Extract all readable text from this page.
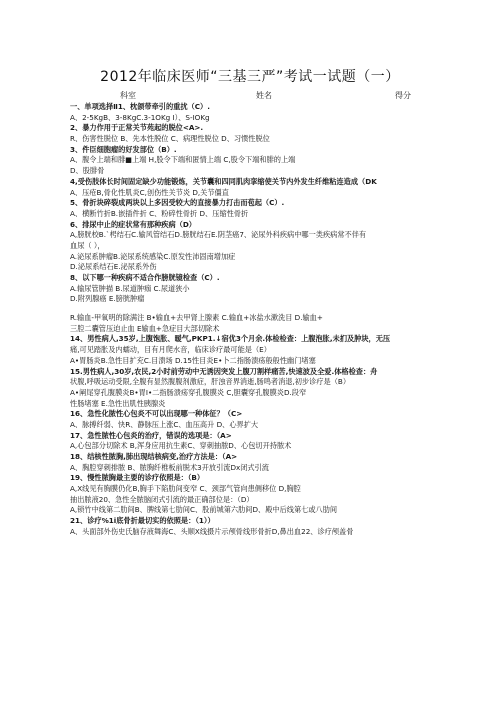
2012年临床医师“三基三严”考试一试题（一）
科室	姓名	得分
一、单项选择Ⅱ1、枕颌带牵引的重扰（C）.
A、2-5KgB、3-8KgC.3-1OKg I）、S-IOKg
2、暴力作用于正常关节苑起的脱位<A>.
R、伤害性脱位 B、先本性脱位 C、病理性脱位 D、习惯性脱位
3、件臣细胞瘤的好发部位（B）.
A、腹令上端和腓■上端 H,股令下端和匿情上端 C,股令下端和腓的上端
D、股腓骨
4,受伤肢体长时间固定缺少功能锻炼，关节囊和四同肌肉挛缩使关节内外发生纤维粘连造成（DK
A、压疮B,骨化性肌炎C,创伤性关节炎 D,关节僵直
5、骨折块碎裂成两块以上多因受较大的直接暴力打击而苞起（C）.
A、横断竹折B.嵌插件折 C、粉碎性骨折 D、压缩性骨折
6、排尿中止的症状常有那种疾病（D）
A,膀胱校B.`枵结石C.输风管结石D.膀胱结石E.阴茎癌7、泌尿外科疾病中哪一类疾病常不伴有
血尿（ ），
A.泌尿系肿瘤B.泌尿系统感染C.原发性沛固南增加症
D.泌尿系结石E.泌尿系外伤
8、以下哪一种疾病不适合作膀胱镜检查（C）.
A.输尿管肿描 B.尿道肿痂 C.尿道狭小
D.附列腺癌 E.膀胱肿瘤
R.输血-甲氧明的除满注 B•输血+去甲肾上腺素 C.输血+冰盐水漱洗目 D.输血+
三腔二囊管压迫止血 E输血+急症目大部切除术
14、男性病人,35岁,上腹饱胀、暧气,PKP1.↓宿优3个月余.体检检查：上腹泡胀,未扪及肿块，无压
痛,可见踏胀及内蠕动，目有月爬水音，临床诊疗最可能是（E）
A•胃肠炎B.急性目扩充C.目溃场 D.15性目炎E•卜二指肠溃疡般般性幽门堵塞
15.男性病人,30岁,农民,2小时前劳动中无诱因突发上腹刀割样痛苦,快速波及全爱.体格检查：舟
状腹,呼吸运动受限,全腹有显然腹腹剂激症，肝浊音界消逝,肠鸣者消退,初步诊疗是（B）
A•阐尾穿孔腹膜炎B•胃I•二指肠溃疡穿孔腹膜炎 C,胆囊穿孔腹膜炎D.段窄
性肠堵塞 E.急性出肌性胰腺炎
16、急性化脓性心包炎不可以出现哪一种体征？（C>
A、脉搏纤弱、快R、静脉压上涨C、血压高升 D、心界扩大
17、急性脓性心包炎的治疗，错误的选项是：（A>
A,心包部分切除术 B,浑身应用抗生素C、穿刺抽脓D、心包切开持脓术
18、结核性脓胸,肺出现结核病变,治疗方法是：（A>
A、胸腔穿刺排脓 B、脓胸纤椎板前脱术3开放引流Dx闭式引流
19、慢性脓胸最主要的诊疗依照是：（B）
A,X线见有胸膜仍化B,胸手下陷肋间变窄 C、颈部气管向患侧移位 D,胸腔
抽出脓液20、急性全脓脑闭式引流的最正确部位是：（D）
A,锁竹中线第二肋间B、脾线第七肋间C、股前城第六肋间D、殿中后线第七或八肋间
21、诊疗%1i底骨折最切实的依照是：（1））
A、头面部外伤史氏脑存液舞海C、头顺X线摄片示颅骨线形骨折D,鼻出血22、诊疗颅盖骨
